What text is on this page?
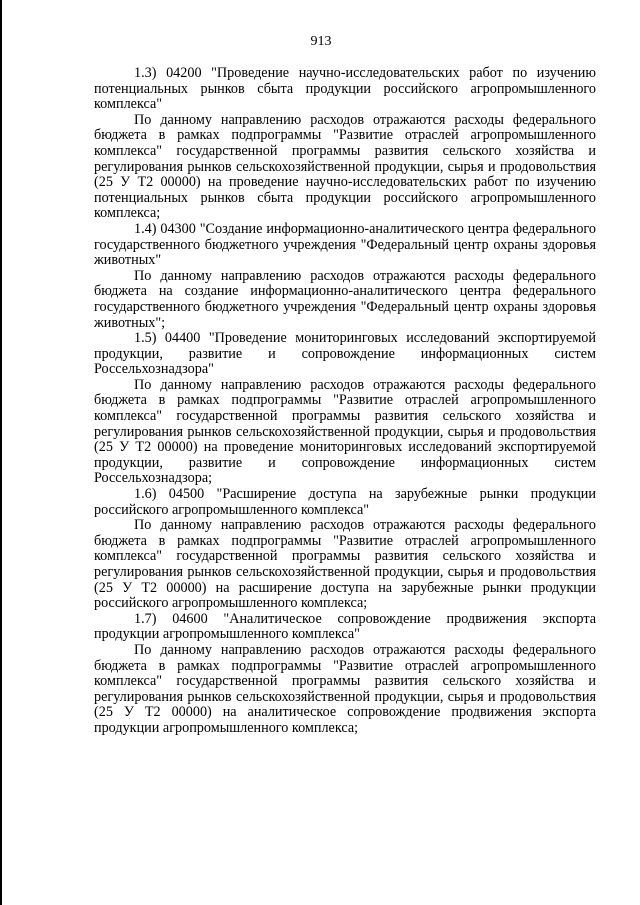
913

1.3) 04200 "Проведение научно-исследовательских работ по изучению потенциальных рынков сбыта продукции российского агропромышленного комплекса"

По данному направлению расходов отражаются расходы федерального бюджета в рамках подпрограммы "Развитие отраслей агропромышленного комплекса" государственной программы развития сельского хозяйства и регулирования рынков сельскохозяйственной продукции, сырья и продовольствия (25 У Т2 00000) на проведение научно-исследовательских работ по изучению потенциальных рынков сбыта продукции российского агропромышленного комплекса;

1.4) 04300 "Создание информационно-аналитического центра федерального государственного бюджетного учреждения "Федеральный центр охраны здоровья животных"

По данному направлению расходов отражаются расходы федерального бюджета на создание информационно-аналитического центра федерального государственного бюджетного учреждения "Федеральный центр охраны здоровья животных";

1.5) 04400 "Проведение мониторинговых исследований экспортируемой продукции, развитие и сопровождение информационных систем Россельхознадзора"

По данному направлению расходов отражаются расходы федерального бюджета в рамках подпрограммы "Развитие отраслей агропромышленного комплекса" государственной программы развития сельского хозяйства и регулирования рынков сельскохозяйственной продукции, сырья и продовольствия (25 У Т2 00000) на проведение мониторинговых исследований экспортируемой продукции, развитие и сопровождение информационных систем Россельхознадзора;

1.6) 04500 "Расширение доступа на зарубежные рынки продукции российского агропромышленного комплекса"

По данному направлению расходов отражаются расходы федерального бюджета в рамках подпрограммы "Развитие отраслей агропромышленного комплекса" государственной программы развития сельского хозяйства и регулирования рынков сельскохозяйственной продукции, сырья и продовольствия (25 У Т2 00000) на расширение доступа на зарубежные рынки продукции российского агропромышленного комплекса;

1.7) 04600 "Аналитическое сопровождение продвижения экспорта продукции агропромышленного комплекса"

По данному направлению расходов отражаются расходы федерального бюджета в рамках подпрограммы "Развитие отраслей агропромышленного комплекса" государственной программы развития сельского хозяйства и регулирования рынков сельскохозяйственной продукции, сырья и продовольствия (25 У Т2 00000) на аналитическое сопровождение продвижения экспорта продукции агропромышленного комплекса;
